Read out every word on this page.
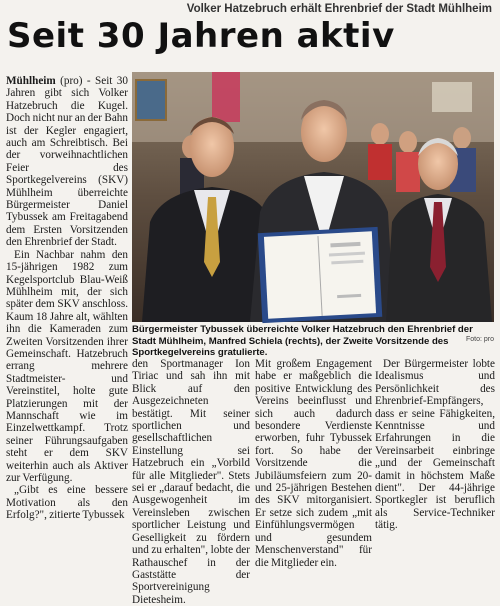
Volker Hatzebruch erhält Ehrenbrief der Stadt Mühlheim
Seit 30 Jahren aktiv

Mühlheim (pro) - Seit 30 Jahren gibt sich Volker Hatzebruch die Kugel. Doch nicht nur an der Bahn ist der Kegler engagiert, auch am Schreibtisch. Bei der vorweihnachtlichen Feier des Sportkegelvereins (SKV) Mühlheim überreichte Bürgermeister Daniel Tybussek am Freitagabend dem Ersten Vorsitzenden den Ehrenbrief der Stadt.

Ein Nachbar nahm den 15-jährigen 1982 zum Kegelsportclub Blau-Weiß Mühlheim mit, der sich später dem SKV anschloss. Kaum 18 Jahre alt, wählten ihn die Kameraden zum Zweiten Vorsitzenden ihrer Gemeinschaft. Hatzebruch errang mehrere Stadtmeister- und Vereinstitel, holte gute Platzierungen mit der Mannschaft wie im Einzelwettkampf. Trotz seiner Führungsaufgaben steht er dem SKV weiterhin auch als Aktiver zur Verfügung.

„Gibt es eine bessere Motivation als den Erfolg?", zitierte Tybussek

Bürgermeister Tybussek überreichte Volker Hatzebruch den Ehrenbrief der Stadt Mühlheim, Manfred Schiela (rechts), der Zweite Vorsitzende des Sportkegelvereins gratulierte.
Foto: pro

den Sportmanager Ion Tiriac und sah ihn mit Blick auf den Ausgezeichneten bestätigt. Mit seiner sportlichen und gesellschaftlichen Einstellung sei Hatzebruch ein „Vorbild für alle Mitglieder". Stets sei er „darauf bedacht, die Ausgewogenheit im Vereinsleben zwischen sportlicher Leistung und Geselligkeit zu fördern und zu erhalten", lobte der Rathauschef in der Gaststätte der Sportvereinigung Dietesheim.

Mit großem Engagement habe er maßgeblich die positive Entwicklung des Vereins beeinflusst und sich auch dadurch besondere Verdienste erworben, fuhr Tybussek fort. So habe der Vorsitzende die Jubiläumsfeiern zum 20- und 25-jährigen Bestehen des SKV mitorganisiert. Er setze sich zudem „mit Einfühlungsvermögen und gesundem Menschenverstand" für die Mitglieder ein.

Der Bürgermeister lobte Idealismus und Persönlichkeit des Ehrenbrief-Empfängers, dass er seine Fähigkeiten, Kenntnisse und Erfahrungen in die Vereinsarbeit einbringe „und der Gemeinschaft damit in höchstem Maße dient". Der 44-jährige Sportkegler ist beruflich als Service-Techniker tätig.
